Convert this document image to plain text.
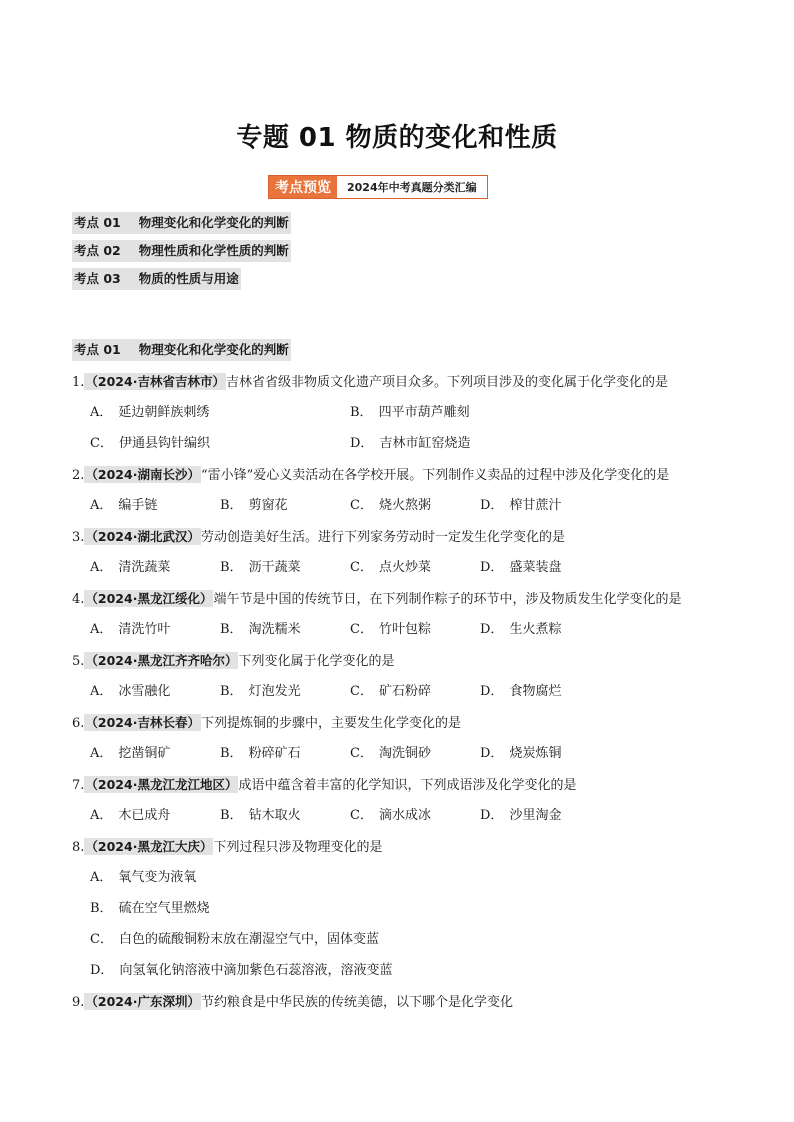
专题 01 物质的变化和性质
考点预览	2024年中考真题分类汇编
考点 01 物理变化和化学变化的判断
考点 02 物理性质和化学性质的判断
考点 03 物质的性质与用途
考点 01 物理变化和化学变化的判断
1.（2024·吉林省吉林市）吉林省省级非物质文化遗产项目众多。下列项目涉及的变化属于化学变化的是
A． 延边朝鲜族刺绣	B． 四平市葫芦雕刻
C． 伊通县钩针编织	D． 吉林市缸窑烧造
2.（2024·湖南长沙）“雷小锋”爱心义卖活动在各学校开展。下列制作义卖品的过程中涉及化学变化的是
A． 编手链	B． 剪窗花	C． 烧火熬粥	D． 榨甘蔗汁
3.（2024·湖北武汉）劳动创造美好生活。进行下列家务劳动时一定发生化学变化的是
A． 清洗蔬菜	B． 沥干蔬菜	C． 点火炒菜	D． 盛菜装盘
4.（2024·黑龙江绥化）端午节是中国的传统节日，在下列制作粽子的环节中，涉及物质发生化学变化的是
A． 清洗竹叶	B． 淘洗糯米	C． 竹叶包粽	D． 生火煮粽
5.（2024·黑龙江齐齐哈尔）下列变化属于化学变化的是
A． 冰雪融化	B． 灯泡发光	C． 矿石粉碎	D． 食物腐烂
6.（2024·吉林长春）下列提炼铜的步骤中，主要发生化学变化的是
A． 挖凿铜矿	B． 粉碎矿石	C． 淘洗铜砂	D． 烧炭炼铜
7.（2024·黑龙江龙江地区）成语中蕴含着丰富的化学知识，下列成语涉及化学变化的是
A． 木已成舟	B． 钻木取火	C． 滴水成冰	D． 沙里淘金
8.（2024·黑龙江大庆）下列过程只涉及物理变化的是
A． 氧气变为液氧
B． 硫在空气里燃烧
C． 白色的硫酸铜粉末放在潮湿空气中，固体变蓝
D． 向氢氧化钠溶液中滴加紫色石蕊溶液，溶液变蓝
9.（2024·广东深圳）节约粮食是中华民族的传统美德，以下哪个是化学变化
